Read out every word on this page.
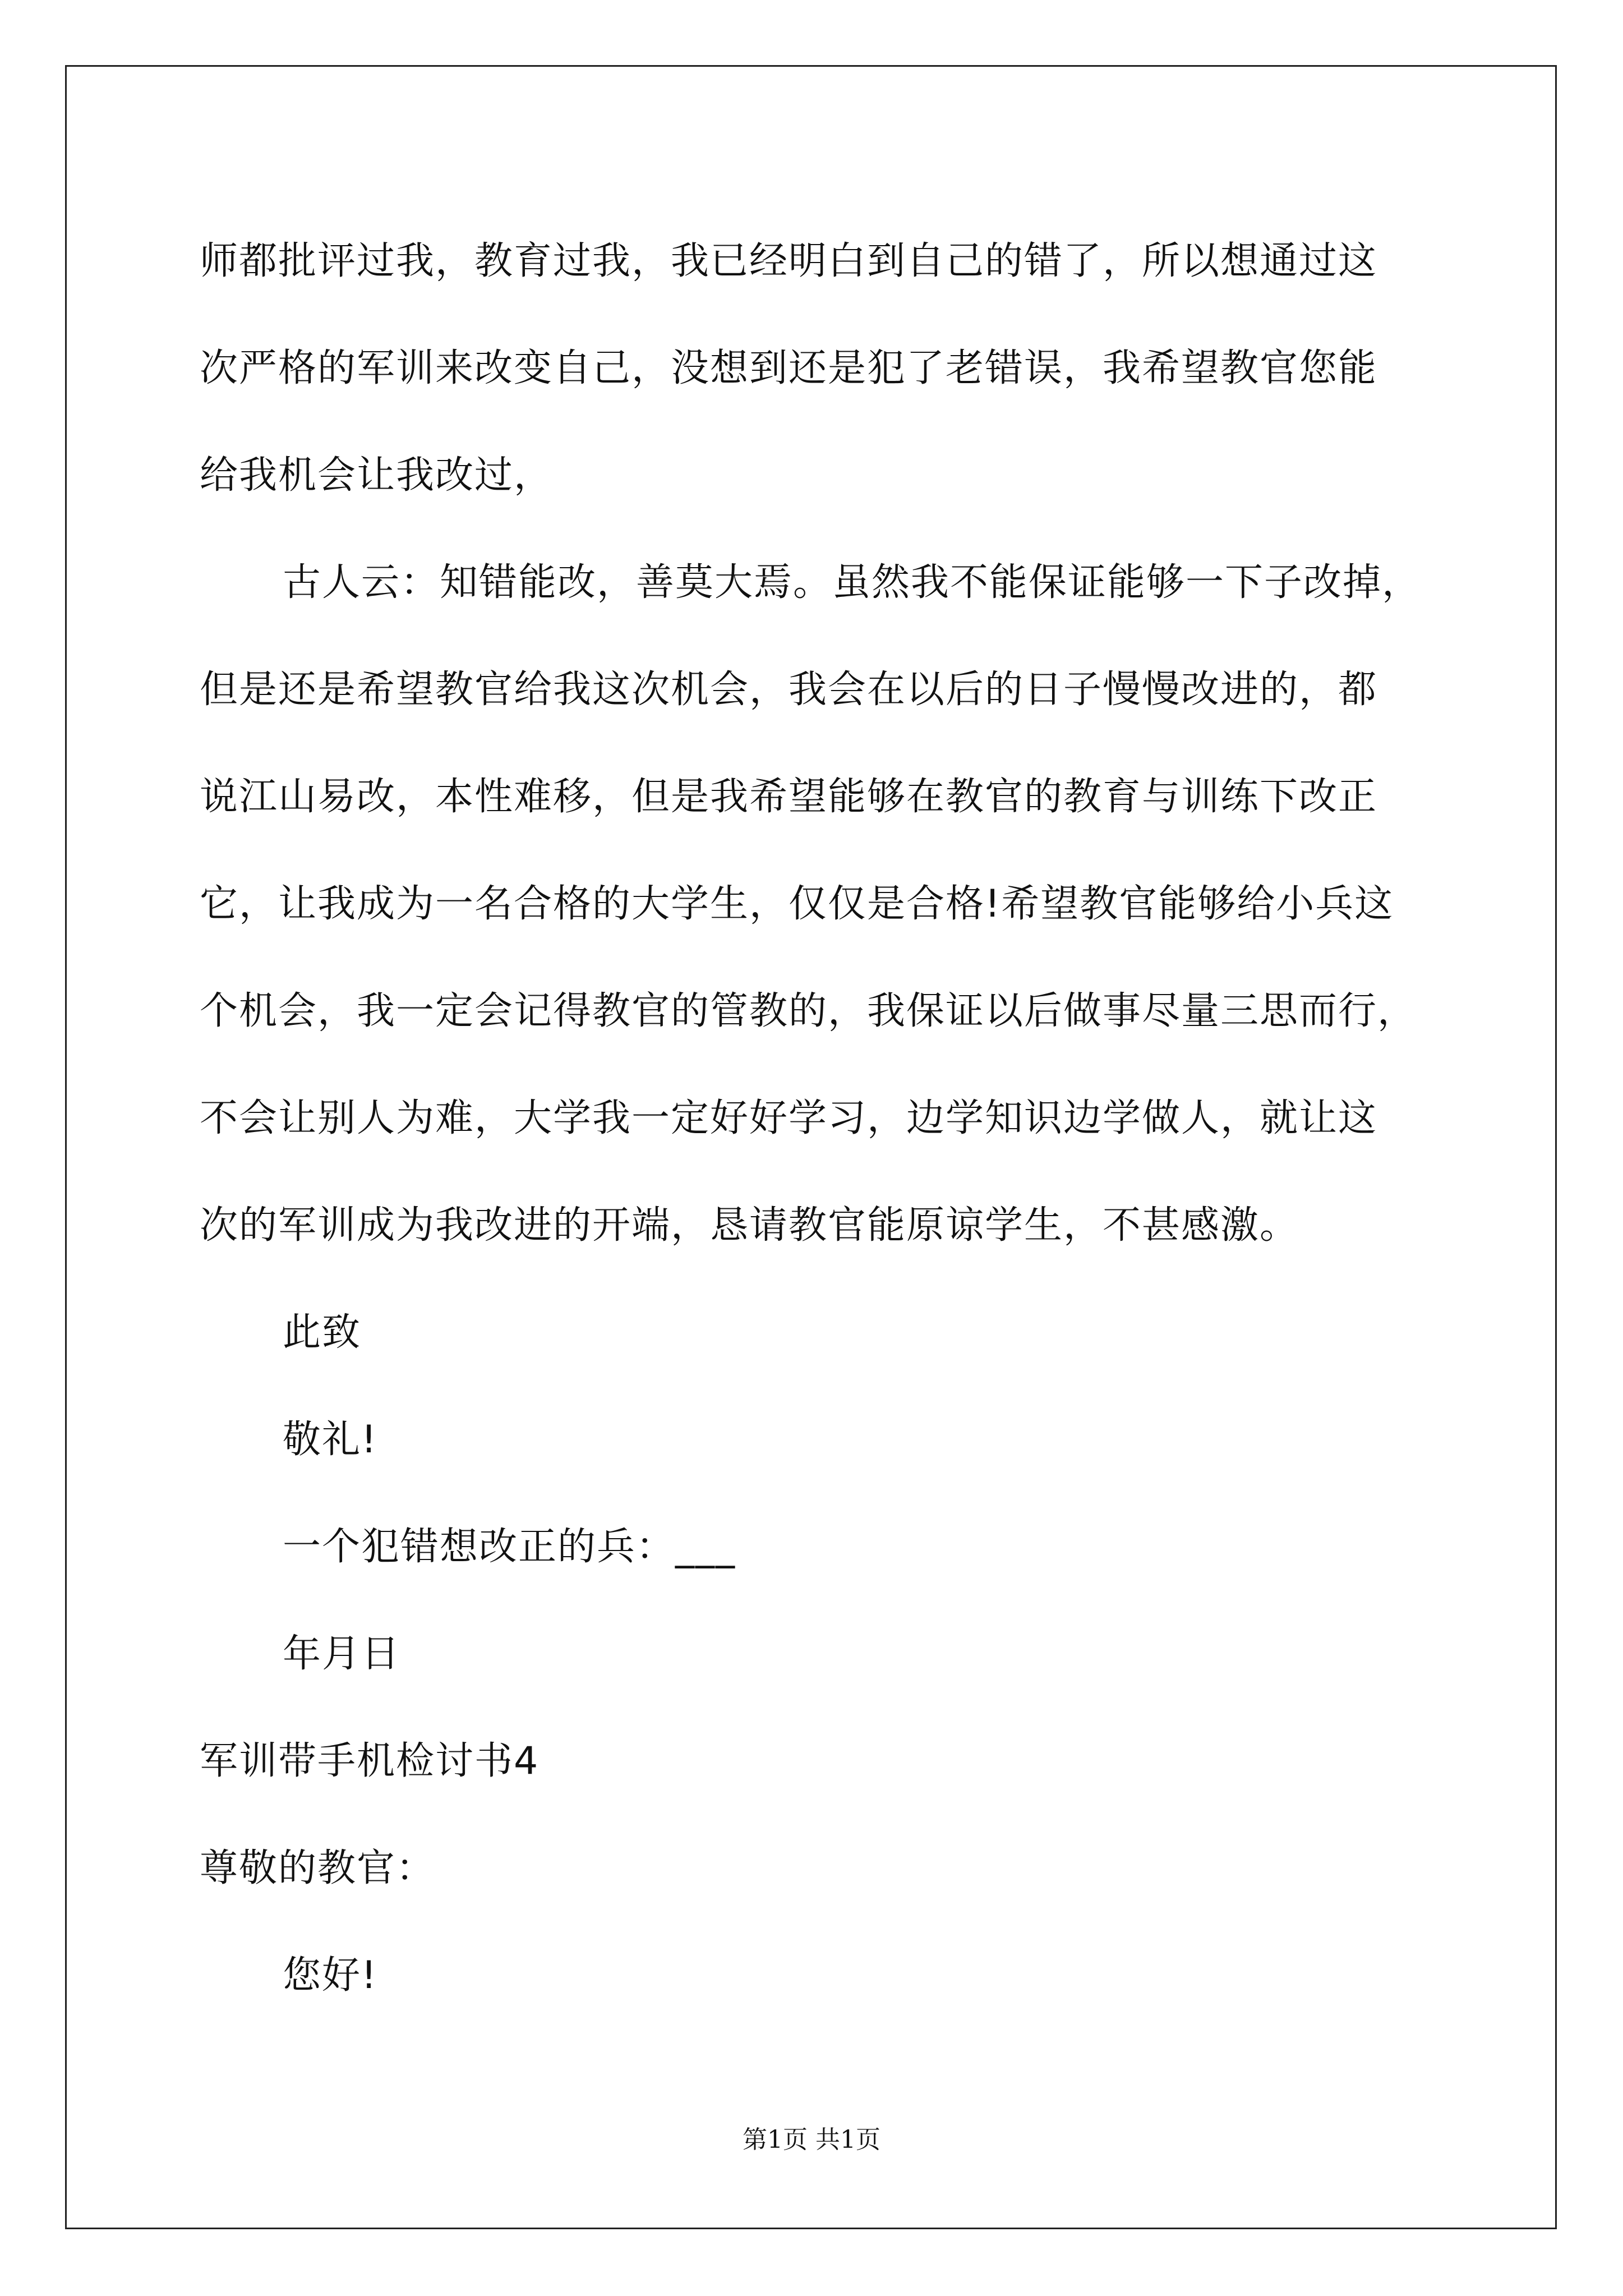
师都批评过我，教育过我，我已经明白到自己的错了，所以想通过这
次严格的军训来改变自己，没想到还是犯了老错误，我希望教官您能
给我机会让我改过，
古人云：知错能改，善莫大焉。虽然我不能保证能够一下子改掉，
但是还是希望教官给我这次机会，我会在以后的日子慢慢改进的，都
说江山易改，本性难移，但是我希望能够在教官的教育与训练下改正
它，让我成为一名合格的大学生，仅仅是合格!希望教官能够给小兵这
个机会，我一定会记得教官的管教的，我保证以后做事尽量三思而行，
不会让别人为难，大学我一定好好学习，边学知识边学做人，就让这
次的军训成为我改进的开端，恳请教官能原谅学生，不甚感激。
此致
敬礼!
一个犯错想改正的兵：___
年月日
军训带手机检讨书4
尊敬的教官：
您好!
第1页 共1页
